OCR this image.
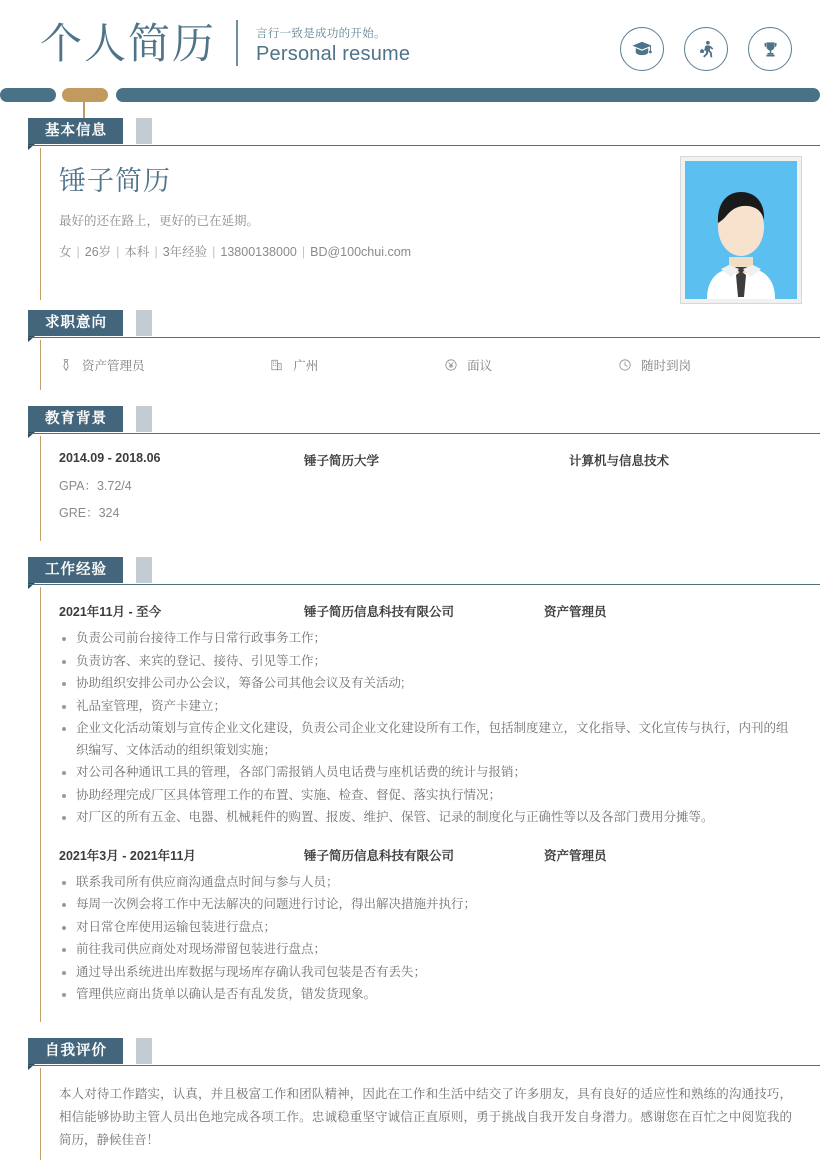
个人简历	言行一致是成功的开始。
Personal resume
基本信息
锤子简历
最好的还在路上，更好的已在延期。
女 | 26岁 | 本科 | 3年经验 | 13800138000 | BD@100chui.com
求职意向
资产管理员	广州	面议	随时到岗
教育背景
2014.09 - 2018.06	锤子简历大学	计算机与信息技术
GPA：3.72/4
GRE：324
工作经验
2021年11月 - 至今	锤子简历信息科技有限公司	资产管理员
负责公司前台接待工作与日常行政事务工作；
负责访客、来宾的登记、接待、引见等工作；
协助组织安排公司办公会议，筹备公司其他会议及有关活动;
礼品室管理，资产卡建立；
企业文化活动策划与宣传企业文化建设，负责公司企业文化建设所有工作，包括制度建立，文化指导、文化宣传与执行，内刊的组织编写、文体活动的组织策划实施；
对公司各种通讯工具的管理，各部门需报销人员电话费与座机话费的统计与报销；
协助经理完成厂区具体管理工作的布置、实施、检查、督促、落实执行情况；
对厂区的所有五金、电器、机械耗件的购置、报废、维护、保管、记录的制度化与正确性等以及各部门费用分摊等。
2021年3月 - 2021年11月	锤子简历信息科技有限公司	资产管理员
联系我司所有供应商沟通盘点时间与参与人员；
每周一次例会将工作中无法解决的问题进行讨论，得出解决措施并执行；
对日常仓库使用运输包装进行盘点；
前往我司供应商处对现场滞留包装进行盘点；
通过导出系统进出库数据与现场库存确认我司包装是否有丢失；
管理供应商出货单以确认是否有乱发货，错发货现象。
自我评价

本人对待工作踏实，认真，并且极富工作和团队精神，因此在工作和生活中结交了许多朋友，具有良好的适应性和熟练的沟通技巧，相信能够协助主管人员出色地完成各项工作。忠诚稳重坚守诚信正直原则，勇于挑战自我开发自身潜力。感谢您在百忙之中阅览我的简历，静候佳音！
